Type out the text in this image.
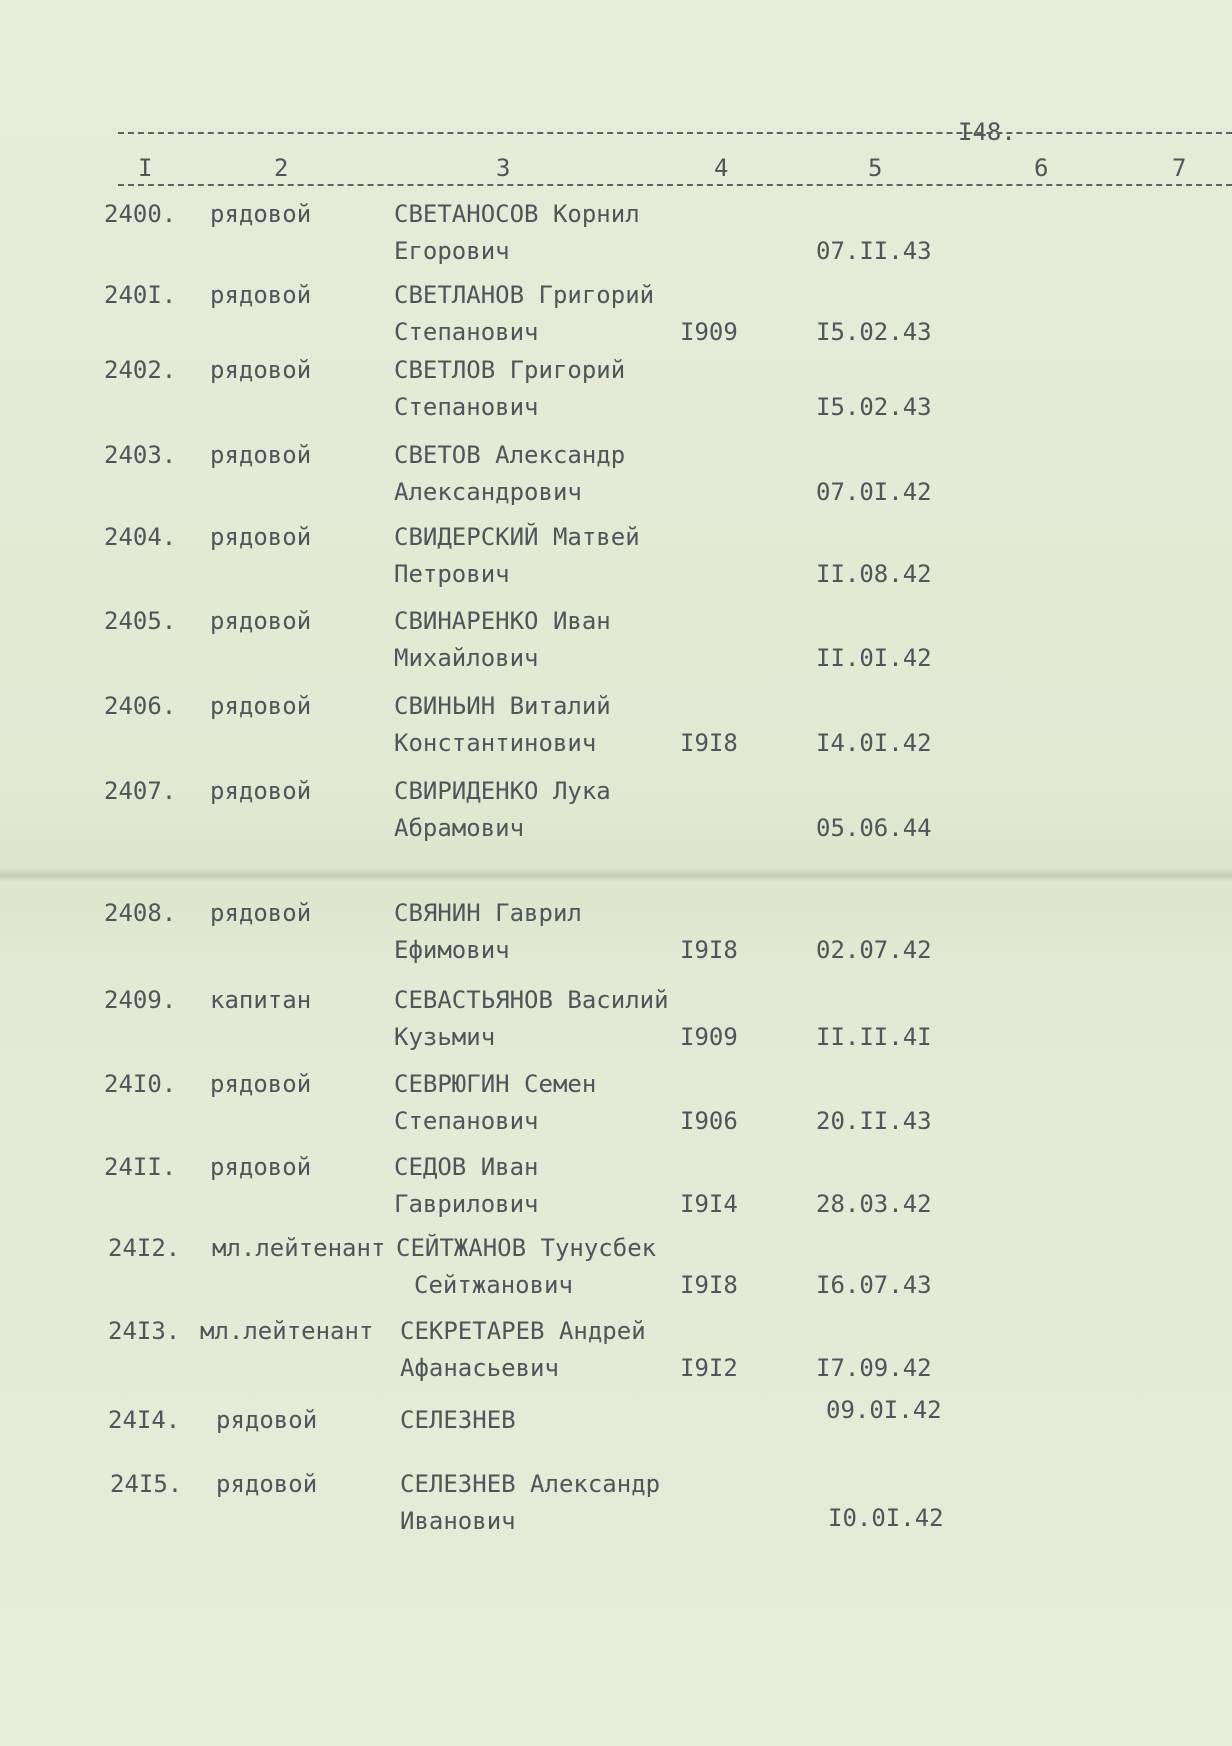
I48.
I	2	3	4	5	6	7
2400. рядовой	СВЕТАНОСОВ Корнил
Егорович	07.II.43
240I. рядовой	СВЕТЛАНОВ Григорий
Степанович	I909	I5.02.43
2402. рядовой	СВЕТЛОВ Григорий
Степанович	I5.02.43
2403. рядовой	СВЕТОВ Александр
Александрович	07.0I.42
2404. рядовой	СВИДЕРСКИЙ Матвей
Петрович	II.08.42
2405. рядовой	СВИНАРЕНКО Иван
Михайлович	II.0I.42
2406. рядовой	СВИНЬИН Виталий
Константинович	I9I8	I4.0I.42
2407. рядовой	СВИРИДЕНКО Лука
Абрамович	05.06.44
2408. рядовой	СВЯНИН Гаврил
Ефимович	I9I8	02.07.42
2409. капитан	СЕВАСТЬЯНОВ Василий
Кузьмич	I909	II.II.4I
24I0. рядовой	СЕВРЮГИН Семен
Степанович	I906	20.II.43
24II. рядовой	СЕДОВ Иван
Гаврилович	I9I4	28.03.42
24I2. мл.лейтенант СЕЙТЖАНОВ Тунусбек
Сейтжанович	I9I8	I6.07.43
24I3. мл.лейтенант СЕКРЕТАРЕВ Андрей
Афанасьевич	I9I2	I7.09.42
24I4. рядовой	СЕЛЕЗНЕВ	09.0I.42
24I5. рядовой	СЕЛЕЗНЕВ Александр
Иванович	I0.0I.42
